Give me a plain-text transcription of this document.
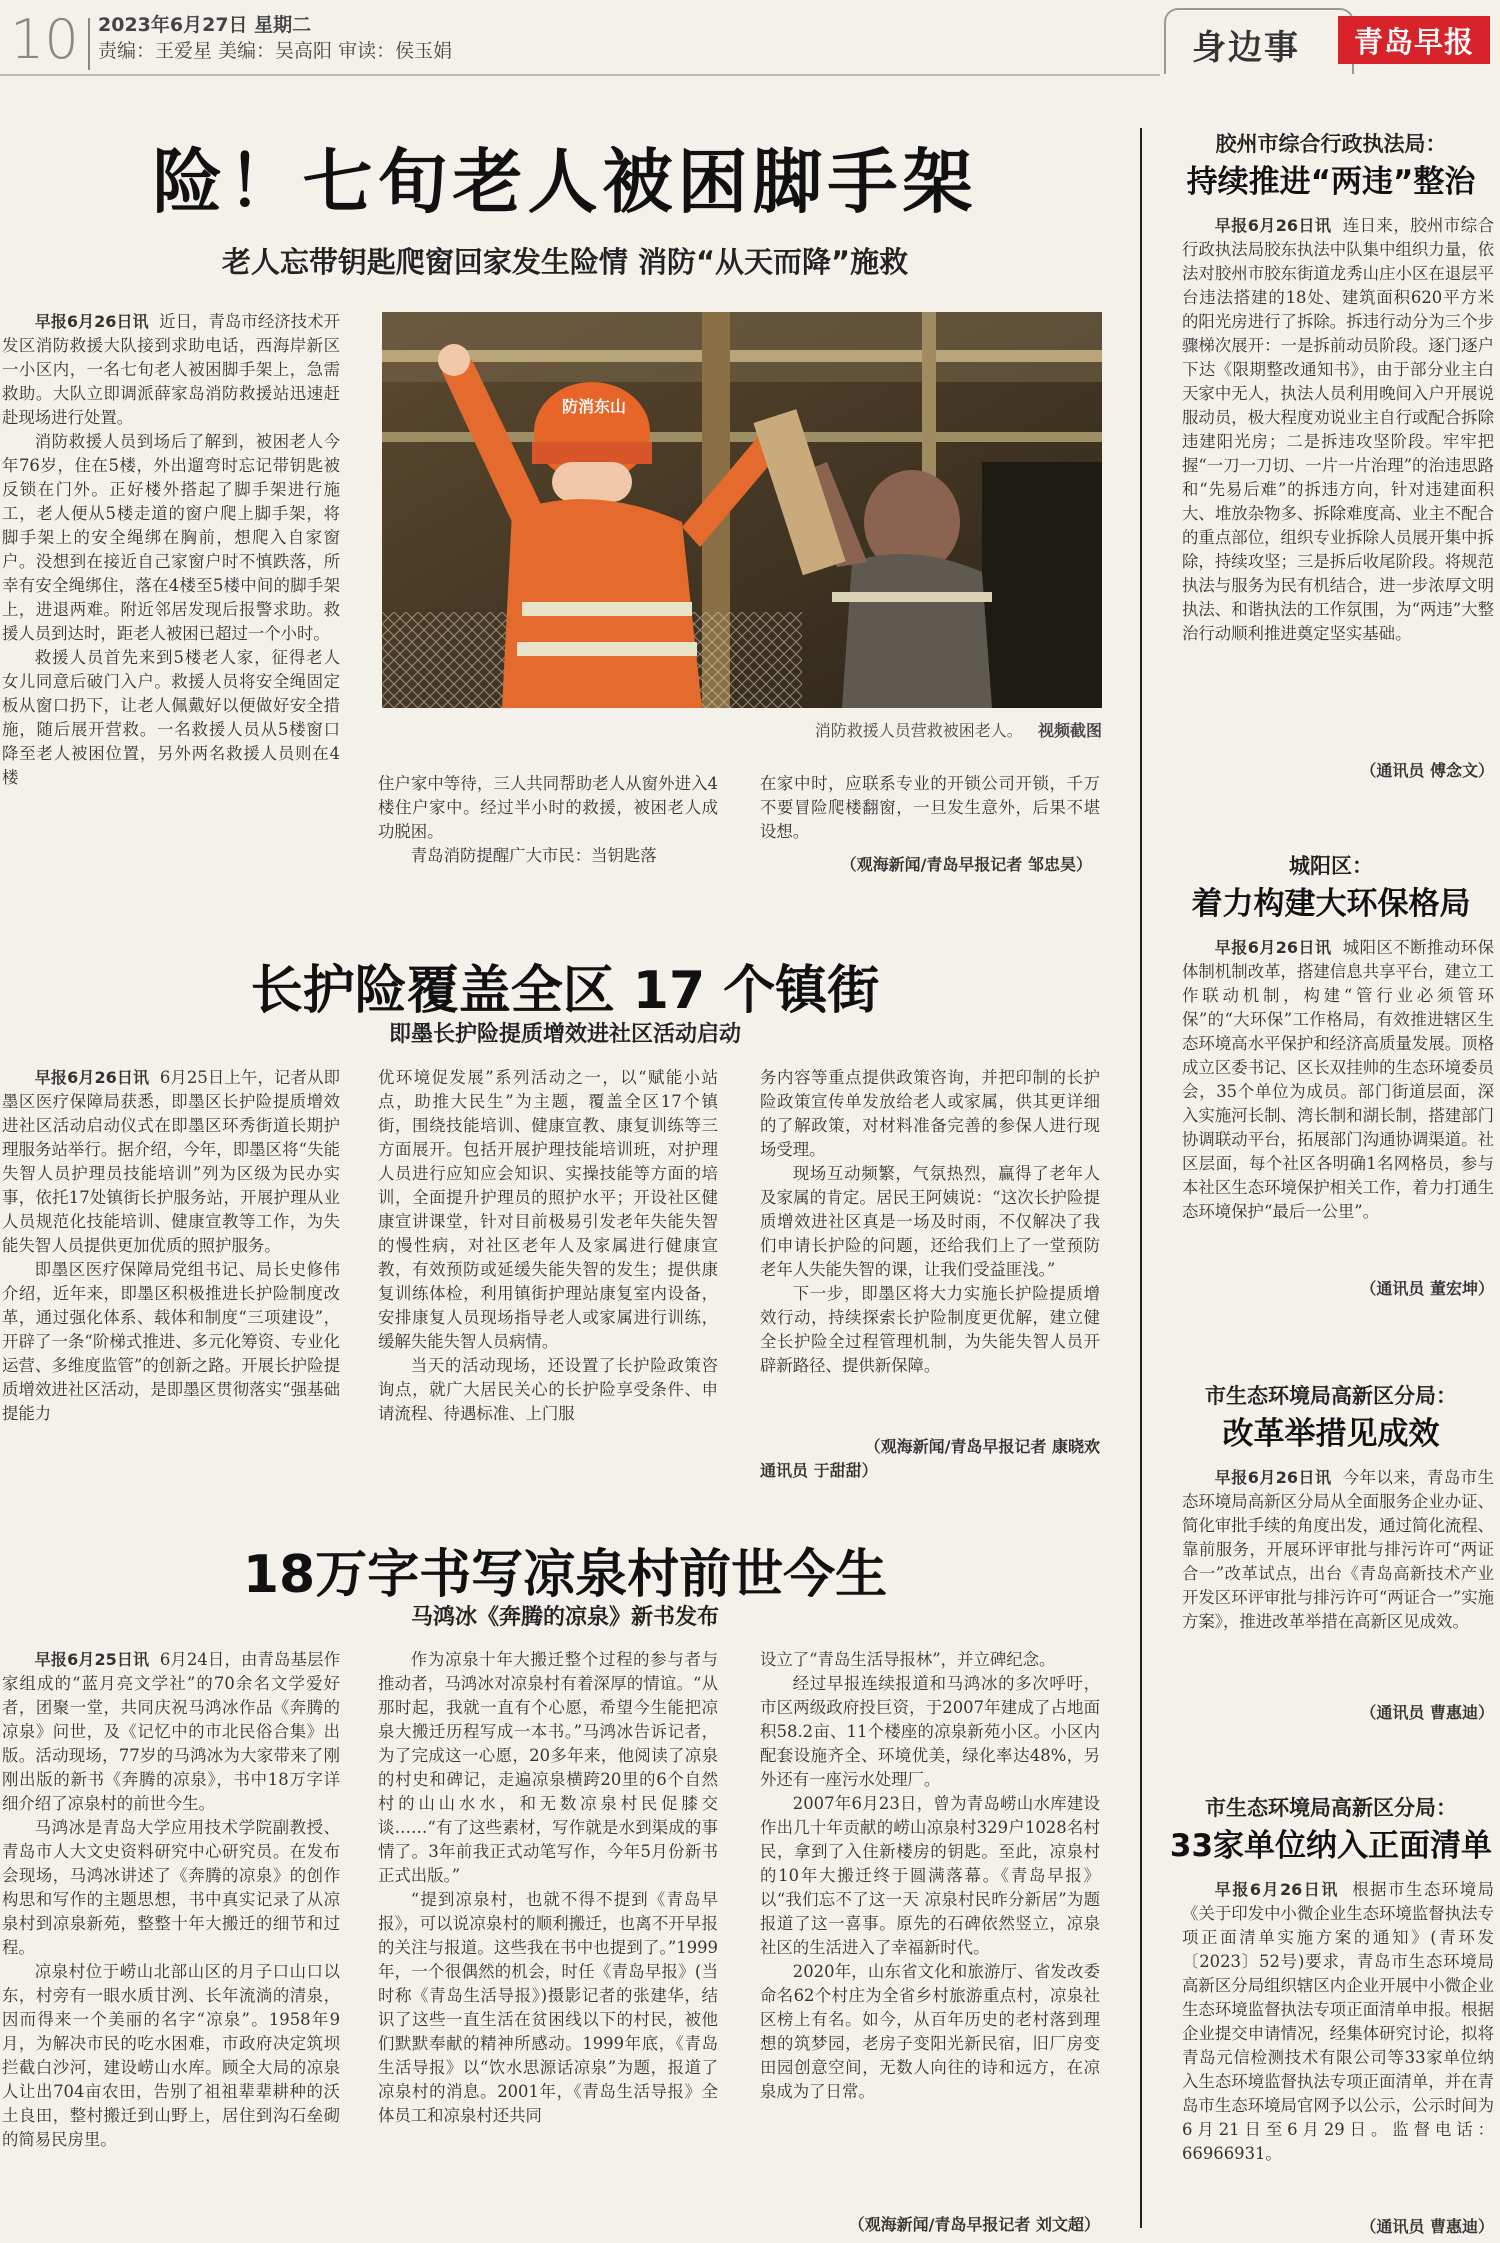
10 2023年6月27日 星期二
责编：王爱星 美编：吴高阳 审读：侯玉娟	身边事	青岛早报
险！七旬老人被困脚手架
老人忘带钥匙爬窗回家发生险情 消防“从天而降”施救

早报6月26日讯 近日，青岛市经济技术开发区消防救援大队接到求助电话，西海岸新区一小区内，一名七旬老人被困脚手架上，急需救助。大队立即调派薛家岛消防救援站迅速赶赴现场进行处置。

消防救援人员到场后了解到，被困老人今年76岁，住在5楼，外出遛弯时忘记带钥匙被反锁在门外。正好楼外搭起了脚手架进行施工，老人便从5楼走道的窗户爬上脚手架，将脚手架上的安全绳绑在胸前，想爬入自家窗户。没想到在接近自己家窗户时不慎跌落，所幸有安全绳绑住，落在4楼至5楼中间的脚手架上，进退两难。附近邻居发现后报警求助。救援人员到达时，距老人被困已超过一个小时。

救援人员首先来到5楼老人家，征得老人女儿同意后破门入户。救援人员将安全绳固定板从窗口扔下，让老人佩戴好以便做好安全措施，随后展开营救。一名救援人员从5楼窗口降至老人被困位置，另外两名救援人员则在4楼

防消东山
消防救援人员营救被困老人。 视频截图

住户家中等待，三人共同帮助老人从窗外进入4楼住户家中。经过半小时的救援，被困老人成功脱困。

青岛消防提醒广大市民：当钥匙落

在家中时，应联系专业的开锁公司开锁，千万不要冒险爬楼翻窗，一旦发生意外，后果不堪设想。

（观海新闻/青岛早报记者 邹忠昊）
长护险覆盖全区 17 个镇街
即墨长护险提质增效进社区活动启动

早报6月26日讯 6月25日上午，记者从即墨区医疗保障局获悉，即墨区长护险提质增效进社区活动启动仪式在即墨区环秀街道长期护理服务站举行。据介绍，今年，即墨区将“失能失智人员护理员技能培训”列为区级为民办实事，依托17处镇街长护服务站，开展护理从业人员规范化技能培训、健康宣教等工作，为失能失智人员提供更加优质的照护服务。

即墨区医疗保障局党组书记、局长史修伟介绍，近年来，即墨区积极推进长护险制度改革，通过强化体系、载体和制度“三项建设”，开辟了一条“阶梯式推进、多元化筹资、专业化运营、多维度监管”的创新之路。开展长护险提质增效进社区活动，是即墨区贯彻落实“强基础提能力

优环境促发展”系列活动之一，以“赋能小站点，助推大民生”为主题，覆盖全区17个镇街，围绕技能培训、健康宣教、康复训练等三方面展开。包括开展护理技能培训班，对护理人员进行应知应会知识、实操技能等方面的培训，全面提升护理员的照护水平；开设社区健康宣讲课堂，针对目前极易引发老年失能失智的慢性病，对社区老年人及家属进行健康宣教，有效预防或延缓失能失智的发生；提供康复训练体检，利用镇街护理站康复室内设备，安排康复人员现场指导老人或家属进行训练，缓解失能失智人员病情。

当天的活动现场，还设置了长护险政策咨询点，就广大居民关心的长护险享受条件、申请流程、待遇标准、上门服

务内容等重点提供政策咨询，并把印制的长护险政策宣传单发放给老人或家属，供其更详细的了解政策，对材料准备完善的参保人进行现场受理。

现场互动频繁，气氛热烈，赢得了老年人及家属的肯定。居民王阿姨说：“这次长护险提质增效进社区真是一场及时雨，不仅解决了我们申请长护险的问题，还给我们上了一堂预防老年人失能失智的课，让我们受益匪浅。”

下一步，即墨区将大力实施长护险提质增效行动，持续探索长护险制度更优解，建立健全长护险全过程管理机制，为失能失智人员开辟新路径、提供新保障。

（观海新闻/青岛早报记者 康晓欢
通讯员 于甜甜）
18万字书写凉泉村前世今生
马鸿冰《奔腾的凉泉》新书发布

早报6月25日讯 6月24日，由青岛基层作家组成的“蓝月亮文学社”的70余名文学爱好者，团聚一堂，共同庆祝马鸿冰作品《奔腾的凉泉》问世，及《记忆中的市北民俗合集》出版。活动现场，77岁的马鸿冰为大家带来了刚刚出版的新书《奔腾的凉泉》，书中18万字详细介绍了凉泉村的前世今生。

马鸿冰是青岛大学应用技术学院副教授、青岛市人大文史资料研究中心研究员。在发布会现场，马鸿冰讲述了《奔腾的凉泉》的创作构思和写作的主题思想，书中真实记录了从凉泉村到凉泉新苑，整整十年大搬迁的细节和过程。

凉泉村位于崂山北部山区的月子口山口以东，村旁有一眼水质甘洌、长年流淌的清泉，因而得来一个美丽的名字“凉泉”。1958年9月，为解决市民的吃水困难，市政府决定筑坝拦截白沙河，建设崂山水库。顾全大局的凉泉人让出704亩农田，告别了祖祖辈辈耕种的沃土良田，整村搬迁到山野上，居住到沟石垒砌的简易民房里。

作为凉泉十年大搬迁整个过程的参与者与推动者，马鸿冰对凉泉村有着深厚的情谊。“从那时起，我就一直有个心愿，希望今生能把凉泉大搬迁历程写成一本书。”马鸿冰告诉记者，为了完成这一心愿，20多年来，他阅读了凉泉的村史和碑记，走遍凉泉横跨20里的6个自然村的山山水水，和无数凉泉村民促膝交谈……“有了这些素材，写作就是水到渠成的事情了。3年前我正式动笔写作，今年5月份新书正式出版。”

“提到凉泉村，也就不得不提到《青岛早报》，可以说凉泉村的顺利搬迁，也离不开早报的关注与报道。这些我在书中也提到了。”1999年，一个很偶然的机会，时任《青岛早报》(当时称《青岛生活导报》)摄影记者的张建华，结识了这些一直生活在贫困线以下的村民，被他们默默奉献的精神所感动。1999年底，《青岛生活导报》以“饮水思源话凉泉”为题，报道了凉泉村的消息。2001年，《青岛生活导报》全体员工和凉泉村还共同

设立了“青岛生活导报林”，并立碑纪念。

经过早报连续报道和马鸿冰的多次呼吁，市区两级政府投巨资，于2007年建成了占地面积58.2亩、11个楼座的凉泉新苑小区。小区内配套设施齐全、环境优美，绿化率达48%，另外还有一座污水处理厂。

2007年6月23日，曾为青岛崂山水库建设作出几十年贡献的崂山凉泉村329户1028名村民，拿到了入住新楼房的钥匙。至此，凉泉村的10年大搬迁终于圆满落幕。《青岛早报》以“我们忘不了这一天 凉泉村民昨分新居”为题报道了这一喜事。原先的石碑依然竖立，凉泉社区的生活进入了幸福新时代。

2020年，山东省文化和旅游厅、省发改委命名62个村庄为全省乡村旅游重点村，凉泉社区榜上有名。如今，从百年历史的老村落到理想的筑梦园，老房子变阳光新民宿，旧厂房变田园创意空间，无数人向往的诗和远方，在凉泉成为了日常。

（观海新闻/青岛早报记者 刘文超）
胶州市综合行政执法局：
持续推进“两违”整治

早报6月26日讯 连日来，胶州市综合行政执法局胶东执法中队集中组织力量，依法对胶州市胶东街道龙秀山庄小区在退层平台违法搭建的18处、建筑面积620平方米的阳光房进行了拆除。拆违行动分为三个步骤梯次展开：一是拆前动员阶段。逐门逐户下达《限期整改通知书》，由于部分业主白天家中无人，执法人员利用晚间入户开展说服动员，极大程度劝说业主自行或配合拆除违建阳光房；二是拆违攻坚阶段。牢牢把握“一刀一刀切、一片一片治理”的治违思路和“先易后难”的拆违方向，针对违建面积大、堆放杂物多、拆除难度高、业主不配合的重点部位，组织专业拆除人员展开集中拆除，持续攻坚；三是拆后收尾阶段。将规范执法与服务为民有机结合，进一步浓厚文明执法、和谐执法的工作氛围，为“两违”大整治行动顺利推进奠定坚实基础。

（通讯员 傅念文）
城阳区：
着力构建大环保格局

早报6月26日讯 城阳区不断推动环保体制机制改革，搭建信息共享平台，建立工作联动机制，构建“管行业必须管环保”的“大环保”工作格局，有效推进辖区生态环境高水平保护和经济高质量发展。顶格成立区委书记、区长双挂帅的生态环境委员会，35个单位为成员。部门街道层面，深入实施河长制、湾长制和湖长制，搭建部门协调联动平台，拓展部门沟通协调渠道。社区层面，每个社区各明确1名网格员，参与本社区生态环境保护相关工作，着力打通生态环境保护“最后一公里”。

（通讯员 董宏坤）
市生态环境局高新区分局：
改革举措见成效

早报6月26日讯 今年以来，青岛市生态环境局高新区分局从全面服务企业办证、简化审批手续的角度出发，通过简化流程、靠前服务，开展环评审批与排污许可“两证合一”改革试点，出台《青岛高新技术产业开发区环评审批与排污许可“两证合一”实施方案》，推进改革举措在高新区见成效。

（通讯员 曹惠迪）
市生态环境局高新区分局：
33家单位纳入正面清单

早报6月26日讯 根据市生态环境局《关于印发中小微企业生态环境监督执法专项正面清单实施方案的通知》(青环发〔2023〕52号)要求，青岛市生态环境局高新区分局组织辖区内企业开展中小微企业生态环境监督执法专项正面清单申报。根据企业提交申请情况，经集体研究讨论，拟将青岛元信检测技术有限公司等33家单位纳入生态环境监督执法专项正面清单，并在青岛市生态环境局官网予以公示，公示时间为6月21日至6月29日。监督电话：66966931。

（通讯员 曹惠迪）
